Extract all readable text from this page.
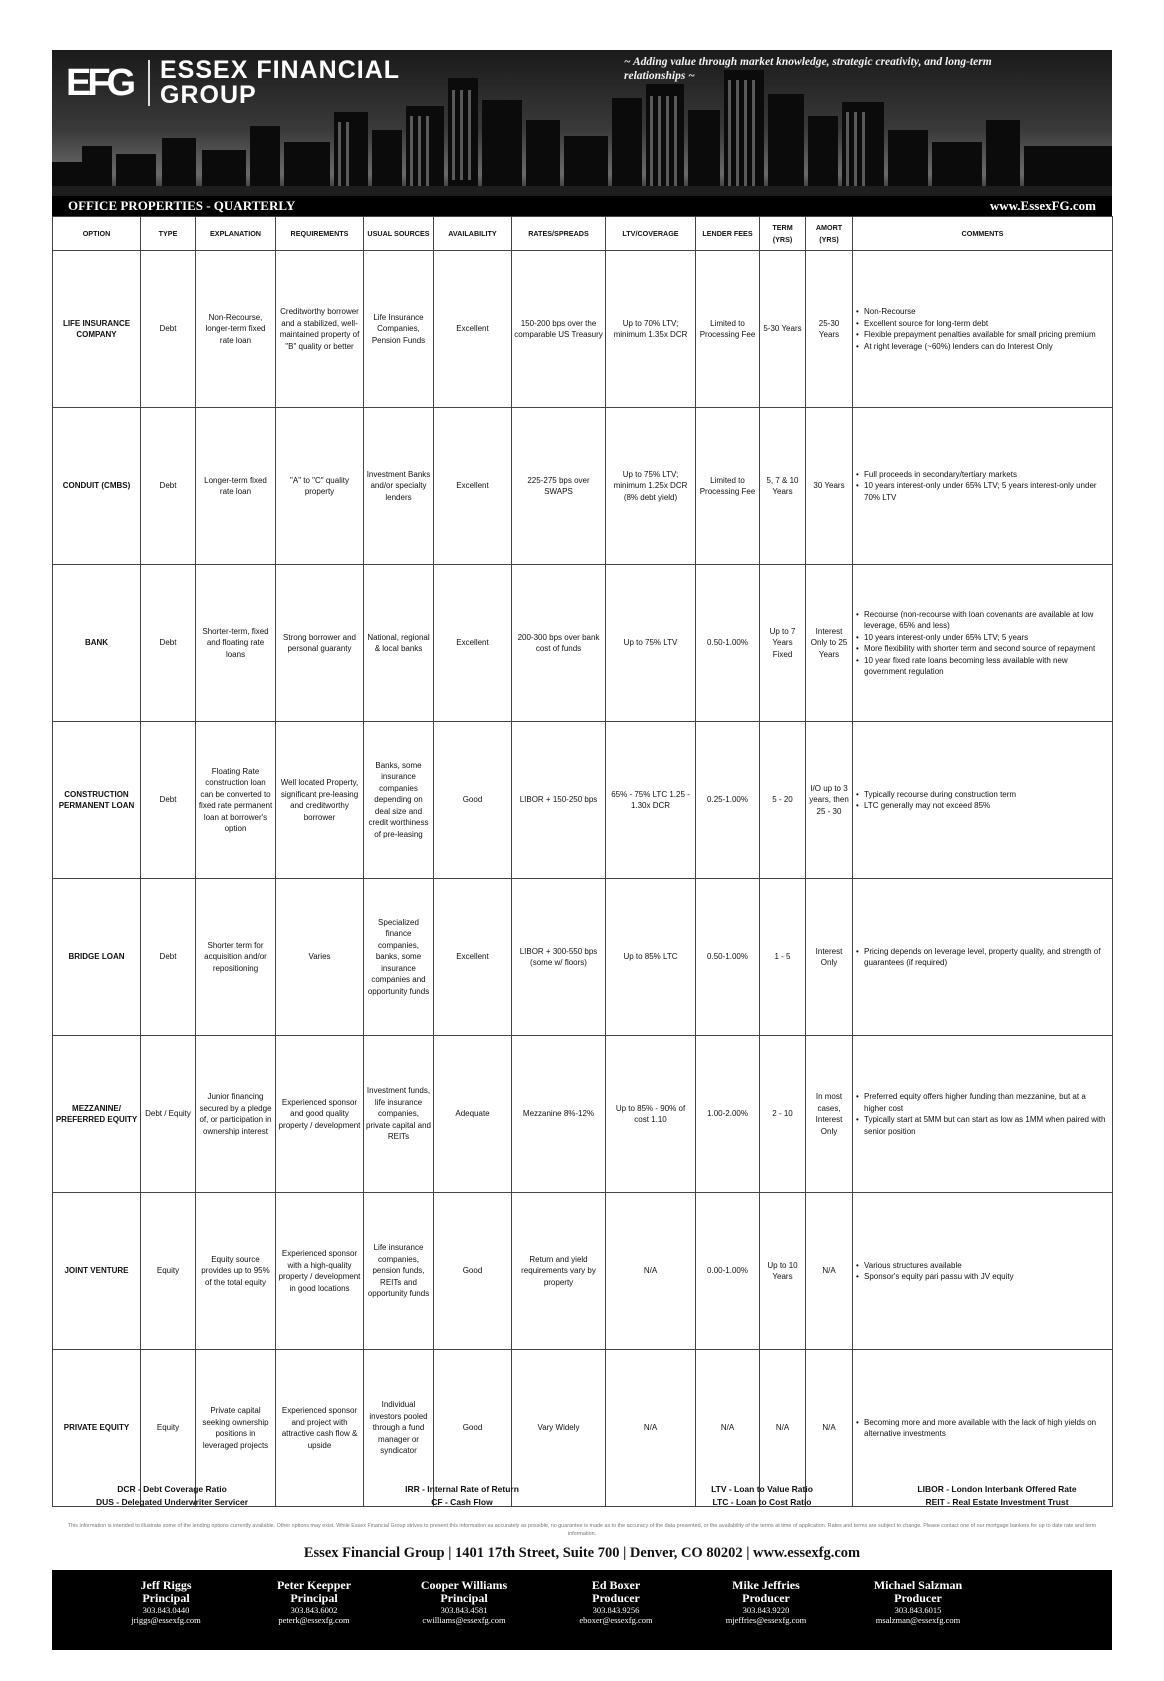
EFG	ESSEX FINANCIAL
GROUP
~ Adding value through market knowledge, strategic creativity, and long-term relationships ~
OFFICE PROPERTIES - QUARTERLY	www.EssexFG.com
OPTION	TYPE	EXPLANATION	REQUIREMENTS	USUAL SOURCES	AVAILABILITY	RATES/SPREADS	LTV/COVERAGE	LENDER FEES	TERM (YRS)	AMORT (YRS)	COMMENTS
LIFE INSURANCE COMPANY	Debt	Non-Recourse, longer-term fixed rate loan	Creditworthy borrower and a stabilized, well-maintained property of "B" quality or better	Life Insurance Companies, Pension Funds	Excellent	150-200 bps over the comparable US Treasury	Up to 70% LTV; minimum 1.35x DCR	Limited to Processing Fee	5-30 Years	25-30 Years	• Non-Recourse
• Excellent source for long-term debt
• Flexible prepayment penalties available for small pricing premium
• At right leverage (~60%) lenders can do Interest Only

CONDUIT (CMBS)	Debt	Longer-term fixed rate loan	"A" to "C" quality property	Investment Banks and/or specialty lenders	Excellent	225-275 bps over SWAPS	Up to 75% LTV; minimum 1.25x DCR (8% debt yield)	Limited to Processing Fee	5, 7 & 10 Years	30 Years	• Full proceeds in secondary/tertiary markets
• 10 years interest-only under 65% LTV; 5 years interest-only under 70% LTV

BANK	Debt	Shorter-term, fixed and floating rate loans	Strong borrower and personal guaranty	National, regional & local banks	Excellent	200-300 bps over bank cost of funds	Up to 75% LTV	0.50-1.00%	Up to 7 Years Fixed	Interest Only to 25 Years	• Recourse (non-recourse with loan covenants are available at low leverage, 65% and less)
• 10 years interest-only under 65% LTV; 5 years
• More flexibility with shorter term and second source of repayment
• 10 year fixed rate loans becoming less available with new government regulation

CONSTRUCTION PERMANENT LOAN	Debt	Floating Rate construction loan can be converted to fixed rate permanent loan at borrower's option	Well located Property, significant pre-leasing and creditworthy borrower	Banks, some insurance companies depending on deal size and credit worthiness of pre-leasing	Good	LIBOR + 150-250 bps	65% - 75% LTC 1.25 - 1.30x DCR	0.25-1.00%	5 - 20	I/O up to 3 years, then 25 - 30	• Typically recourse during construction term
• LTC generally may not exceed 85%

BRIDGE LOAN	Debt	Shorter term for acquisition and/or repositioning	Varies	Specialized finance companies, banks, some insurance companies and opportunity funds	Excellent	LIBOR + 300-550 bps (some w/ floors)	Up to 85% LTC	0.50-1.00%	1 - 5	Interest Only	• Pricing depends on leverage level, property quality, and strength of guarantees (if required)

MEZZANINE/ PREFERRED EQUITY	Debt / Equity	Junior financing secured by a pledge of, or participation in ownership interest	Experienced sponsor and good quality property / development	Investment funds, life insurance companies, private capital and REITs	Adequate	Mezzanine 8%-12%	Up to 85% - 90% of cost 1.10	1.00-2.00%	2 - 10	In most cases, Interest Only	• Preferred equity offers higher funding than mezzanine, but at a higher cost
• Typically start at 5MM but can start as low as 1MM when paired with senior position

JOINT VENTURE	Equity	Equity source provides up to 95% of the total equity	Experienced sponsor with a high-quality property / development in good locations	Life insurance companies, pension funds, REITs and opportunity funds	Good	Return and yield requirements vary by property	N/A	0.00-1.00%	Up to 10 Years	N/A	• Various structures available
• Sponsor's equity pari passu with JV equity

PRIVATE EQUITY	Equity	Private capital seeking ownership positions in leveraged projects	Experienced sponsor and project with attractive cash flow & upside	Individual investors pooled through a fund manager or syndicator	Good	Vary Widely	N/A	N/A	N/A	N/A	• Becoming more and more available with the lack of high yields on alternative investments
DCR - Debt Coverage Ratio
DUS - Delegated Underwriter Servicer
IRR - Internal Rate of Return
CF - Cash Flow
LTV - Loan to Value Ratio
LTC - Loan to Cost Ratio
LIBOR - London Interbank Offered Rate
REIT - Real Estate Investment Trust
This information is intended to illustrate some of the lending options currently available. Other options may exist. While Essex Financial Group strives to present this information as accurately as possible, no guarantee is made as to the accuracy of the data presented, or the availability of the terms at time of application. Rates and terms are subject to change. Please contact one of our mortgage bankers for up to date rate and term information.
Essex Financial Group | 1401 17th Street, Suite 700 | Denver, CO 80202 | www.essexfg.com
Jeff Riggs
Principal
303.843.0440
jriggs@essexfg.com
Peter Keepper
Principal
303.843.6002
peterk@essexfg.com
Cooper Williams
Principal
303.843.4581
cwilliams@essexfg.com
Ed Boxer
Producer
303.843.9256
eboxer@essexfg.com
Mike Jeffries
Producer
303.843.9220
mjeffries@essexfg.com
Michael Salzman
Producer
303.843.6015
msalzman@essexfg.com
